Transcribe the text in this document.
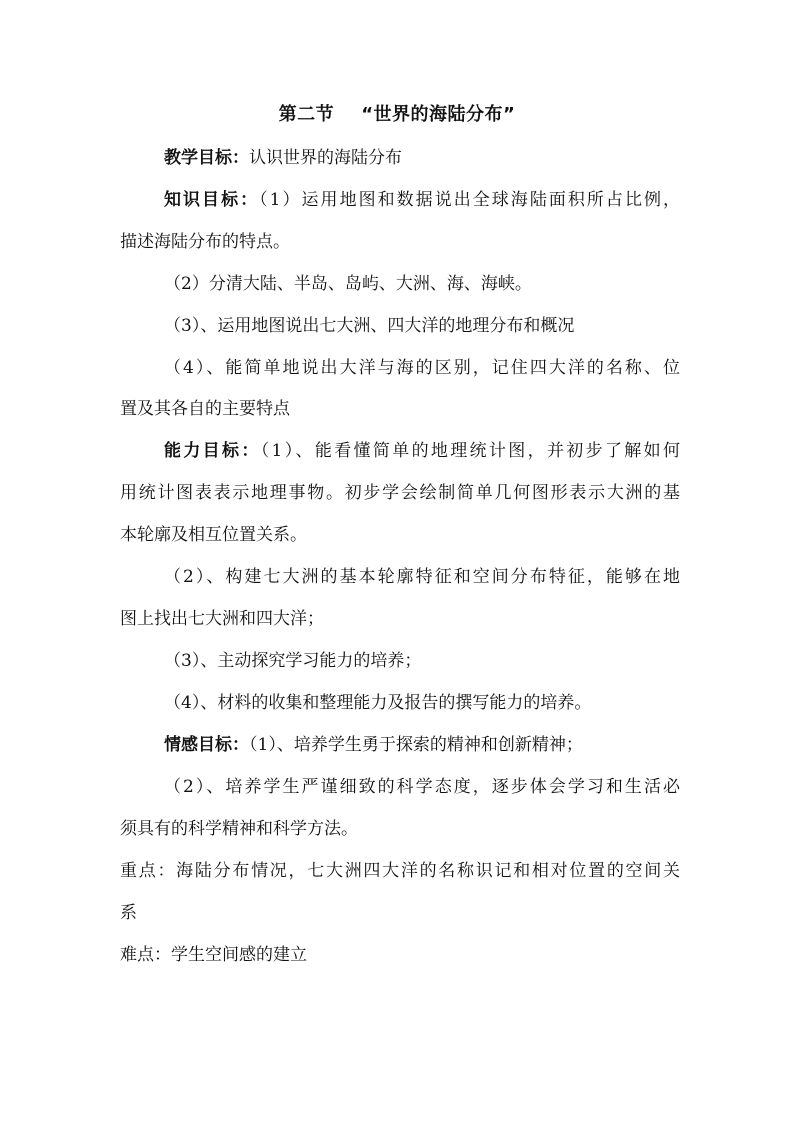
第二节    “世界的海陆分布”
教学目标：认识世界的海陆分布
知识目标：（1）运用地图和数据说出全球海陆面积所占比例，
描述海陆分布的特点。
（2）分清大陆、半岛、岛屿、大洲、海、海峡。
（3）、运用地图说出七大洲、四大洋的地理分布和概况
（4）、能简单地说出大洋与海的区别，记住四大洋的名称、位
置及其各自的主要特点
能力目标：（1）、能看懂简单的地理统计图，并初步了解如何
用统计图表表示地理事物。初步学会绘制简单几何图形表示大洲的基
本轮廓及相互位置关系。
（2）、构建七大洲的基本轮廓特征和空间分布特征，能够在地
图上找出七大洲和四大洋；
（3）、主动探究学习能力的培养；
（4）、材料的收集和整理能力及报告的撰写能力的培养。
情感目标：（1）、培养学生勇于探索的精神和创新精神；
（2）、培养学生严谨细致的科学态度，逐步体会学习和生活必
须具有的科学精神和科学方法。
重点：海陆分布情况，七大洲四大洋的名称识记和相对位置的空间关
系
难点：学生空间感的建立
